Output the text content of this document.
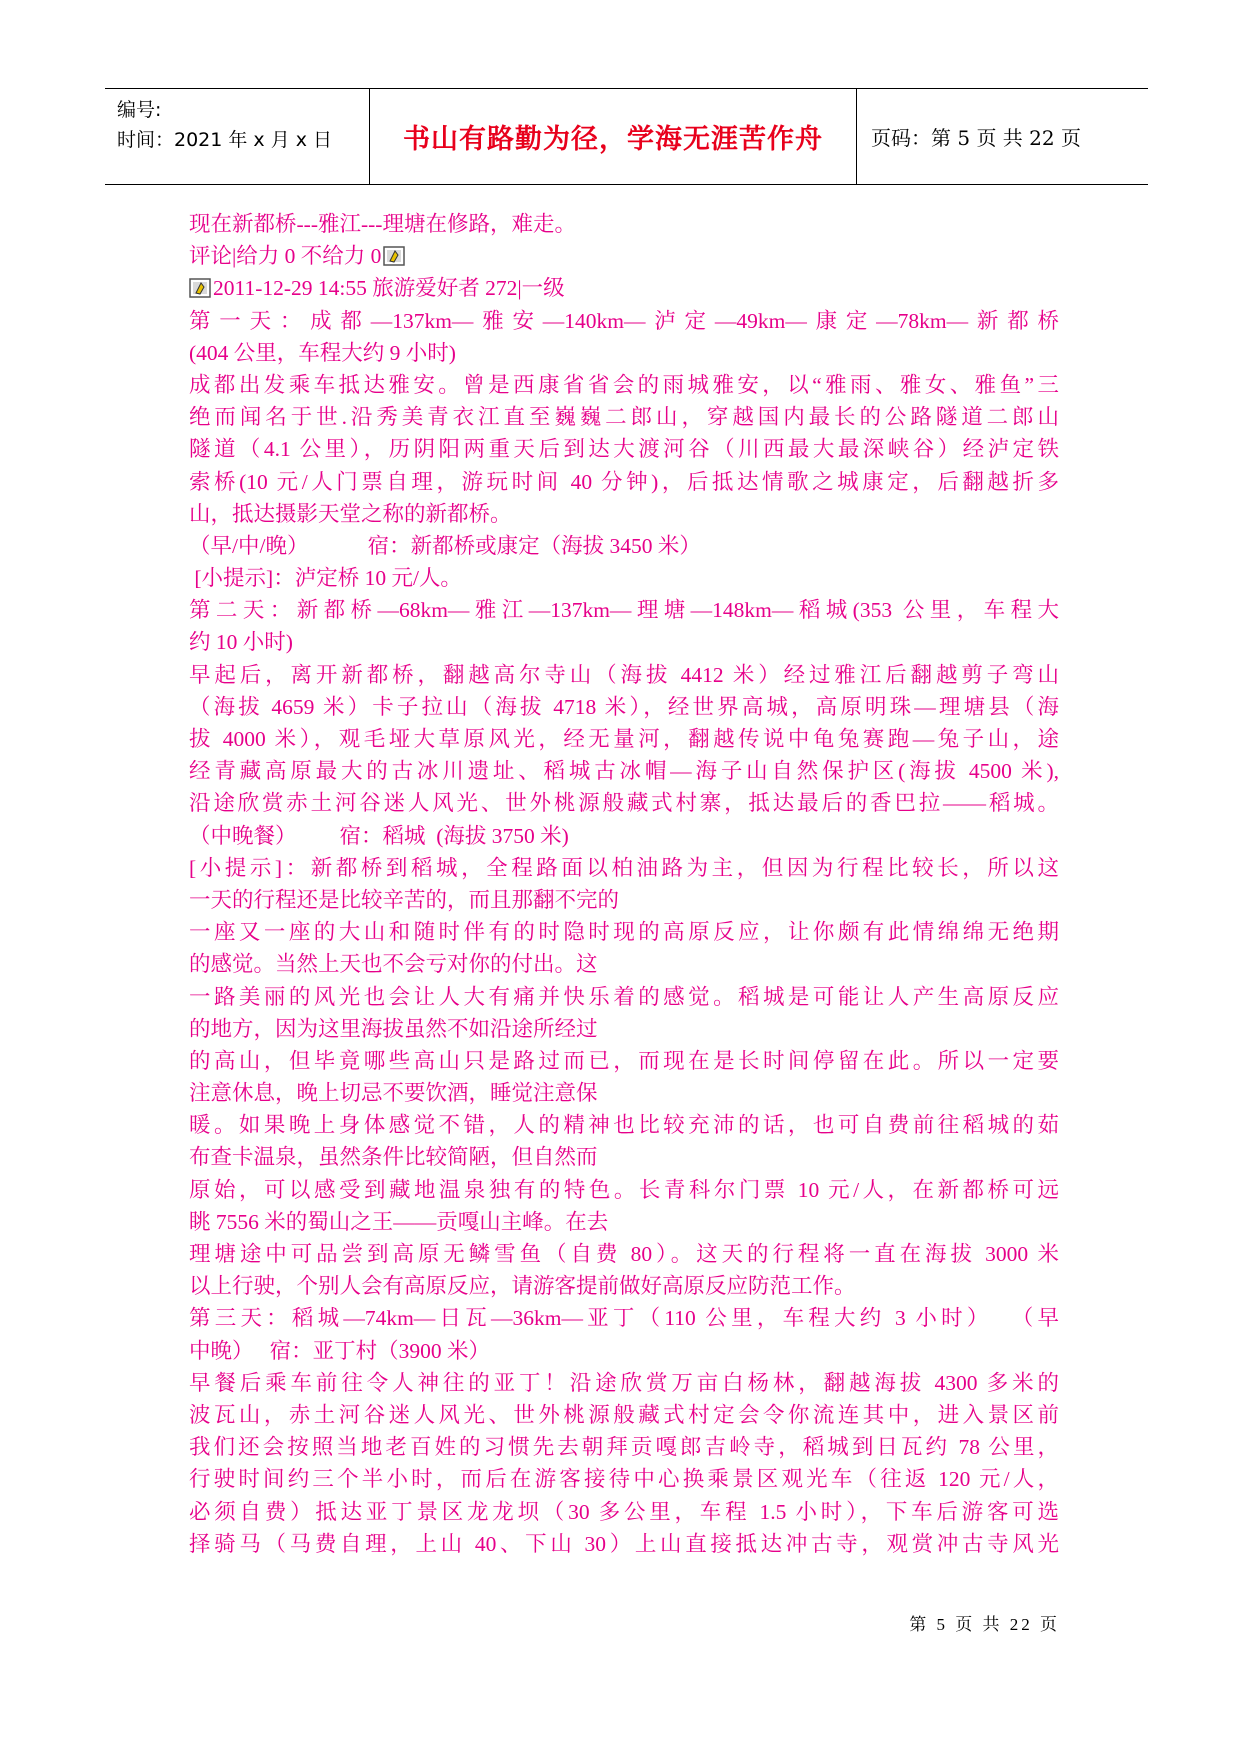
编号:
时间：2021 年 x 月 x 日	书山有路勤为径，学海无涯苦作舟	页码：第 5 页 共 22 页
现在新都桥---雅江---理塘在修路，难走。
评论|给力 0 不给力 0
2011-12-29 14:55 旅游爱好者 272|一级
第一天：成都—137km—雅安—140km—泸定—49km—康定—78km—新都桥
(404 公里，车程大约 9 小时)
成都出发乘车抵达雅安。曾是西康省省会的雨城雅安，以“雅雨、雅女、雅鱼”三
绝而闻名于世.沿秀美青衣江直至巍巍二郎山，穿越国内最长的公路隧道二郎山
隧道（4.1 公里），历阴阳两重天后到达大渡河谷（川西最大最深峡谷）经泸定铁
索桥(10 元/人门票自理，游玩时间 40 分钟)，后抵达情歌之城康定，后翻越折多
山，抵达摄影天堂之称的新都桥。
（早/中/晚）           宿：新都桥或康定（海拔 3450 米）
[小提示]：泸定桥 10 元/人。
第二天：新都桥—68km—雅江—137km—理塘—148km—稻城(353 公里，车程大
约 10 小时)
早起后，离开新都桥，翻越高尔寺山（海拔 4412 米）经过雅江后翻越剪子弯山
（海拔 4659 米）卡子拉山（海拔 4718 米），经世界高城，高原明珠—理塘县（海
拔 4000 米），观毛垭大草原风光，经无量河，翻越传说中龟兔赛跑—兔子山，途
经青藏高原最大的古冰川遗址、稻城古冰帽—海子山自然保护区(海拔 4500 米),
沿途欣赏赤土河谷迷人风光、世外桃源般藏式村寨，抵达最后的香巴拉——稻城。
（中晚餐）        宿：稻城  (海拔 3750 米)
[小提示]：新都桥到稻城，全程路面以柏油路为主，但因为行程比较长，所以这
一天的行程还是比较辛苦的，而且那翻不完的
一座又一座的大山和随时伴有的时隐时现的高原反应，让你颇有此情绵绵无绝期
的感觉。当然上天也不会亏对你的付出。这
一路美丽的风光也会让人大有痛并快乐着的感觉。稻城是可能让人产生高原反应
的地方，因为这里海拔虽然不如沿途所经过
的高山，但毕竟哪些高山只是路过而已，而现在是长时间停留在此。所以一定要
注意休息，晚上切忌不要饮酒，睡觉注意保
暖。如果晚上身体感觉不错，人的精神也比较充沛的话，也可自费前往稻城的茹
布查卡温泉，虽然条件比较简陋，但自然而
原始，可以感受到藏地温泉独有的特色。长青科尔门票 10 元/人，在新都桥可远
眺 7556 米的蜀山之王——贡嘎山主峰。在去
理塘途中可品尝到高原无鳞雪鱼（自费 80）。这天的行程将一直在海拔 3000 米
以上行驶，个别人会有高原反应，请游客提前做好高原反应防范工作。
第三天：稻城—74km—日瓦—36km—亚丁（110 公里，车程大约 3 小时）  （早
中晚）   宿：亚丁村（3900 米）
早餐后乘车前往令人神往的亚丁！沿途欣赏万亩白杨林，翻越海拔 4300 多米的
波瓦山，赤土河谷迷人风光、世外桃源般藏式村定会令你流连其中，进入景区前
我们还会按照当地老百姓的习惯先去朝拜贡嘎郎吉岭寺，稻城到日瓦约 78 公里，
行驶时间约三个半小时，而后在游客接待中心换乘景区观光车（往返 120 元/人，
必须自费）抵达亚丁景区龙龙坝（30 多公里，车程 1.5 小时），下车后游客可选
择骑马（马费自理，上山 40、下山 30）上山直接抵达冲古寺，观赏冲古寺风光
第 5 页 共 22 页
